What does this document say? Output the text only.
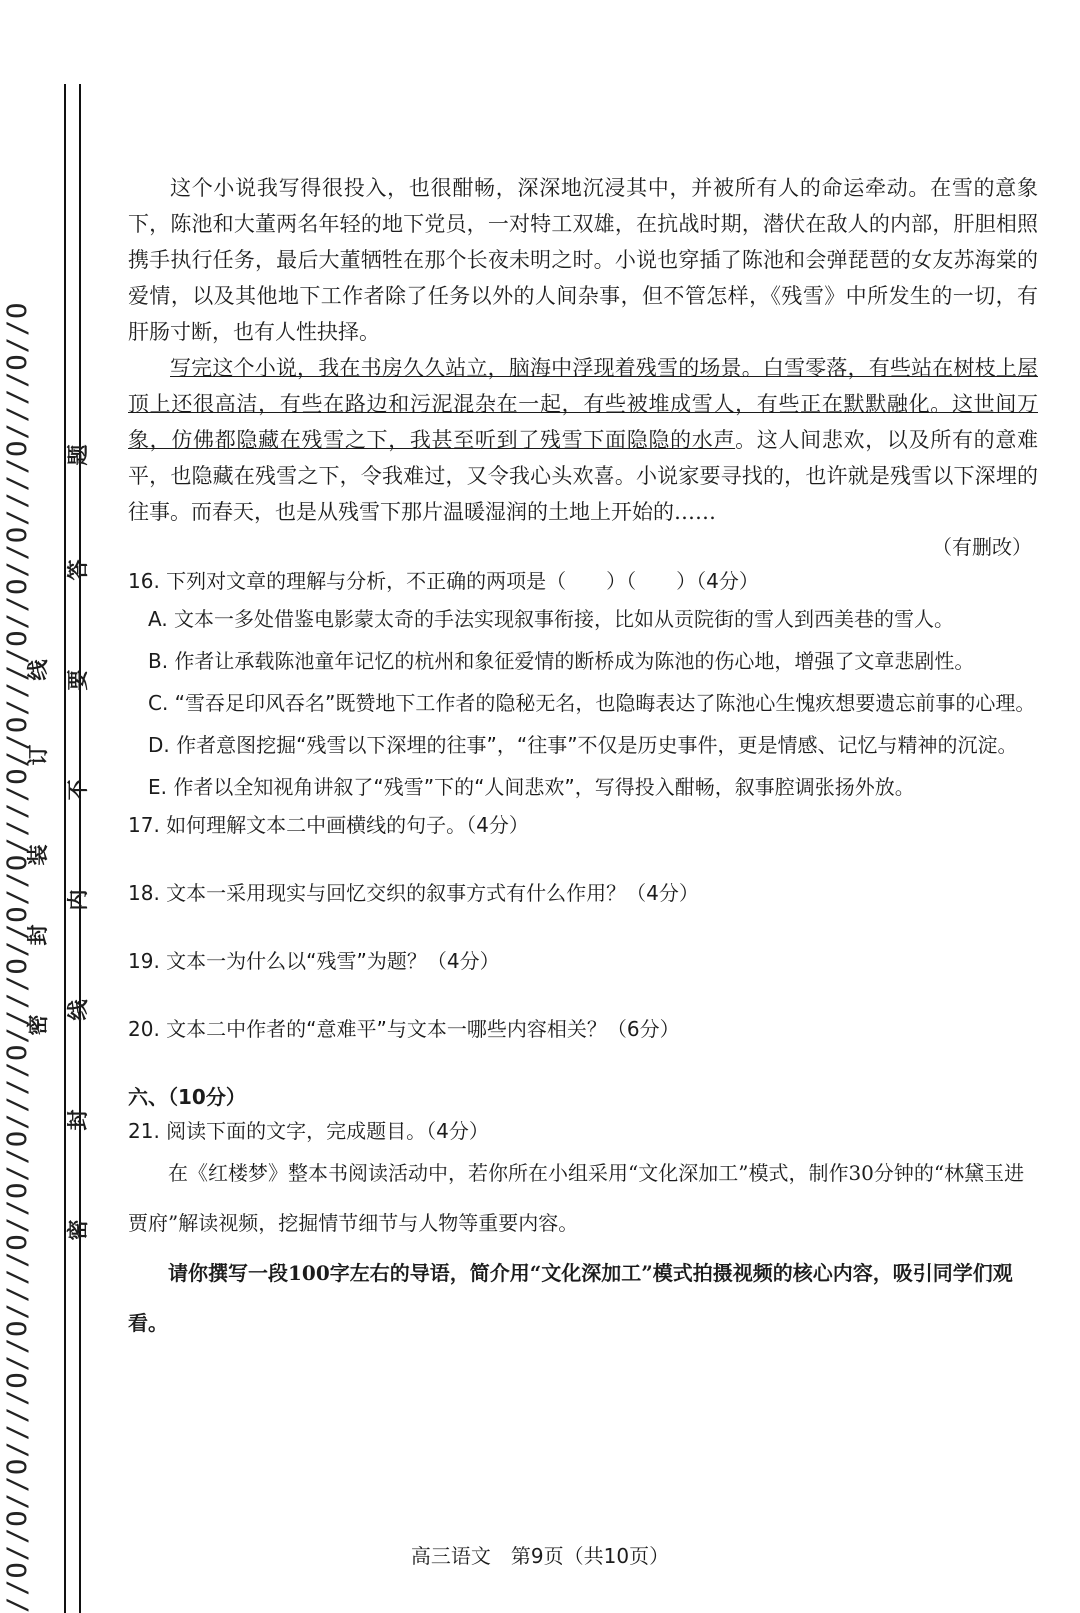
//O//O//O////O//O////O//O//O////O////O//O//O////O//O////O//O//O////O////O//O	题
答
要
不
内
线
封
密
密
封
线
订
装

这个小说我写得很投入，也很酣畅，深深地沉浸其中，并被所有人的命运牵动。在雪的意象下，陈池和大董两名年轻的地下党员，一对特工双雄，在抗战时期，潜伏在敌人的内部，肝胆相照携手执行任务，最后大董牺牲在那个长夜未明之时。小说也穿插了陈池和会弹琵琶的女友苏海棠的爱情，以及其他地下工作者除了任务以外的人间杂事，但不管怎样，《残雪》中所发生的一切，有肝肠寸断，也有人性抉择。

写完这个小说，我在书房久久站立，脑海中浮现着残雪的场景。白雪零落，有些站在树枝上屋顶上还很高洁，有些在路边和污泥混杂在一起，有些被堆成雪人，有些正在默默融化。这世间万象，仿佛都隐藏在残雪之下，我甚至听到了残雪下面隐隐的水声。这人间悲欢，以及所有的意难平，也隐藏在残雪之下，令我难过，又令我心头欢喜。小说家要寻找的，也许就是残雪以下深埋的往事。而春天，也是从残雪下那片温暖湿润的土地上开始的……

（有删改）

16. 下列对文章的理解与分析，不正确的两项是（　　）（　　）（4分）

A. 文本一多处借鉴电影蒙太奇的手法实现叙事衔接，比如从贡院街的雪人到西美巷的雪人。

B. 作者让承载陈池童年记忆的杭州和象征爱情的断桥成为陈池的伤心地，增强了文章悲剧性。

C. “雪吞足印风吞名”既赞地下工作者的隐秘无名，也隐晦表达了陈池心生愧疚想要遗忘前事的心理。

D. 作者意图挖掘“残雪以下深埋的往事”，“往事”不仅是历史事件，更是情感、记忆与精神的沉淀。

E. 作者以全知视角讲叙了“残雪”下的“人间悲欢”，写得投入酣畅，叙事腔调张扬外放。

17. 如何理解文本二中画横线的句子。（4分）

18. 文本一采用现实与回忆交织的叙事方式有什么作用？（4分）

19. 文本一为什么以“残雪”为题？（4分）

20. 文本二中作者的“意难平”与文本一哪些内容相关？（6分）

六、（10分）

21. 阅读下面的文字，完成题目。（4分）

在《红楼梦》整本书阅读活动中，若你所在小组采用“文化深加工”模式，制作30分钟的“林黛玉进贾府”解读视频，挖掘情节细节与人物等重要内容。

请你撰写一段100字左右的导语，简介用“文化深加工”模式拍摄视频的核心内容，吸引同学们观看。

高三语文　第9页（共10页）
